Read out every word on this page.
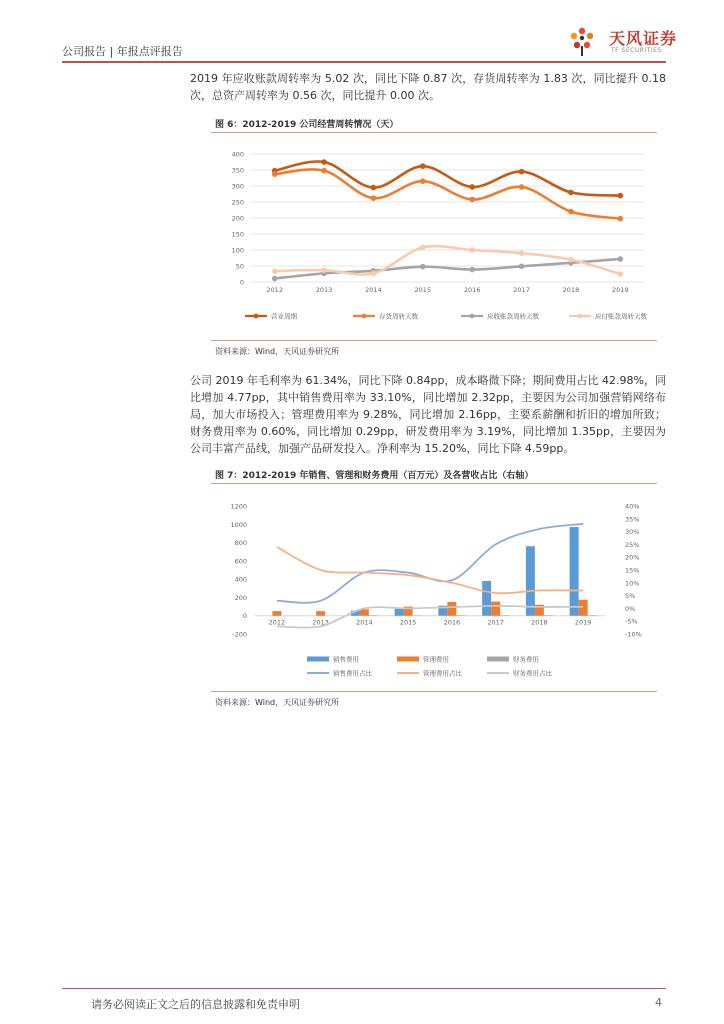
公司报告 | 年报点评报告
天风证券
TF SECURITIES
2019 年应收账款周转率为 5.02 次，同比下降 0.87 次，存货周转率为 1.83 次，同比提升 0.18 次，总资产周转率为 0.56 次，同比提升 0.00 次。
图 6：2012-2019 公司经营周转情况（天）
0
50
100
150
200
250
300
350
400
2012	2013	2014	2015	2016	2017	2018	2019
营业周期	存货周转天数	应收账款周转天数	应付账款周转天数
资料来源：Wind，天风证券研究所
公司 2019 年毛利率为 61.34%，同比下降 0.84pp，成本略微下降；期间费用占比 42.98%，同比增加 4.77pp，其中销售费用率为 33.10%，同比增加 2.32pp，主要因为公司加强营销网络布局，加大市场投入；管理费用率为 9.28%，同比增加 2.16pp，主要系薪酬和折旧的增加所致；财务费用率为 0.60%，同比增加 0.29pp，研发费用率为 3.19%，同比增加 1.35pp，主要因为公司丰富产品线，加强产品研发投入。净利率为 15.20%，同比下降 4.59pp。
图 7：2012-2019 年销售、管理和财务费用（百万元）及各营收占比（右轴）
-200
0
200
400
600
800
1000
1200
-10%
-5%
0%
5%
10%
15%
20%
25%
30%
35%
40%
2012	2013	2014	2015	2016	2017	2018	2019
销售费用	管理费用	财务费用
销售费用占比	管理费用占比	财务费用占比
资料来源：Wind，天风证券研究所
请务必阅读正文之后的信息披露和免责申明	4
